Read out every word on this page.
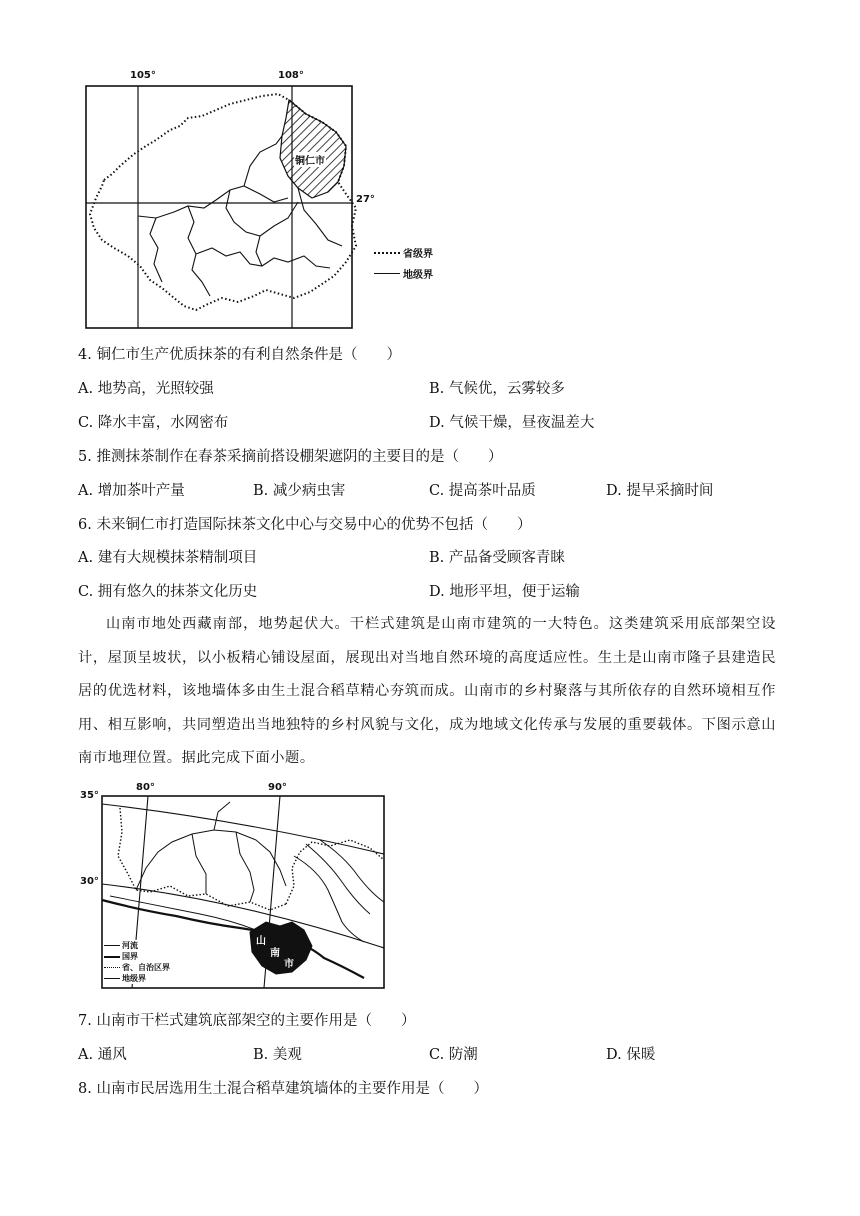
105°	108°
27°
铜仁市
省级界
地级界
4. 铜仁市生产优质抹茶的有利自然条件是（　　）
A. 地势高，光照较强	B. 气候优，云雾较多
C. 降水丰富，水网密布	D. 气候干燥，昼夜温差大
5. 推测抹茶制作在春茶采摘前搭设棚架遮阴的主要目的是（　　）
A. 增加茶叶产量	B. 减少病虫害	C. 提高茶叶品质	D. 提早采摘时间
6. 未来铜仁市打造国际抹茶文化中心与交易中心的优势不包括（　　）
A. 建有大规模抹茶精制项目	B. 产品备受顾客青睐
C. 拥有悠久的抹茶文化历史	D. 地形平坦，便于运输
山南市地处西藏南部，地势起伏大。干栏式建筑是山南市建筑的一大特色。这类建筑采用底部架空设计，屋顶呈坡状，以小板精心铺设屋面，展现出对当地自然环境的高度适应性。生土是山南市隆子县建造民居的优选材料，该地墙体多由生土混合稻草精心夯筑而成。山南市的乡村聚落与其所依存的自然环境相互作用、相互影响，共同塑造出当地独特的乡村风貌与文化，成为地域文化传承与发展的重要载体。下图示意山南市地理位置。据此完成下面小题。
35°
30°
80°	90°
山
南
市
河流
国界
省、自治区界
地级界
7. 山南市干栏式建筑底部架空的主要作用是（　　）
A. 通风	B. 美观	C. 防潮	D. 保暖
8. 山南市民居选用生土混合稻草建筑墙体的主要作用是（　　）
